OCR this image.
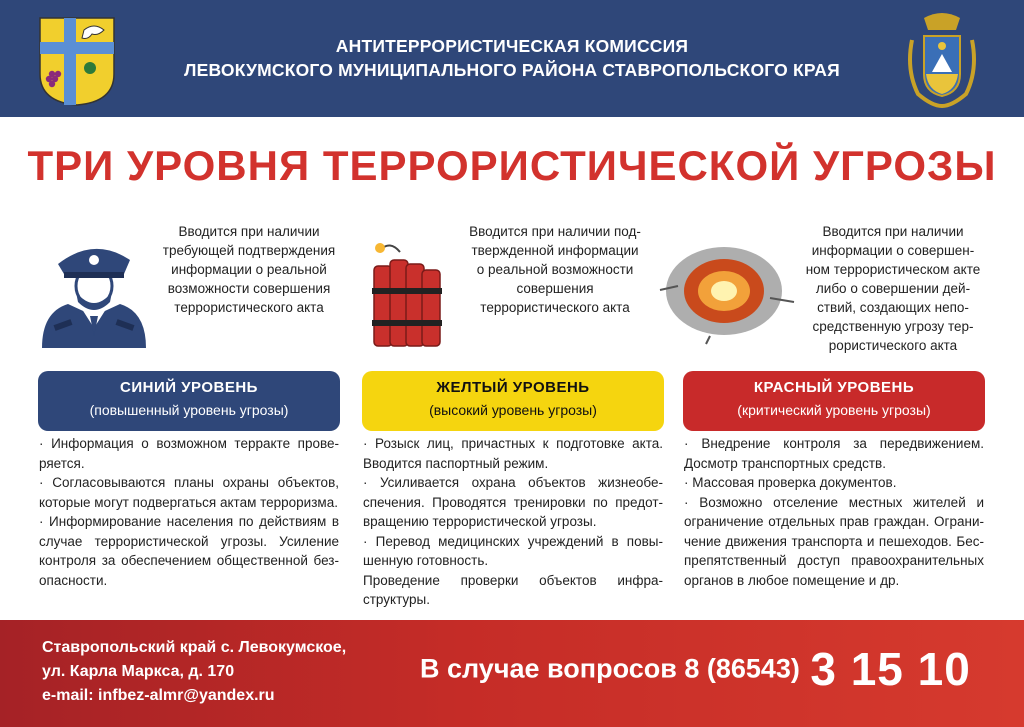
АНТИТЕРРОРИСТИЧЕСКАЯ КОМИССИЯ
ЛЕВОКУМСКОГО МУНИЦИПАЛЬНОГО РАЙОНА СТАВРОПОЛЬСКОГО КРАЯ
ТРИ УРОВНЯ ТЕРРОРИСТИЧЕСКОЙ УГРОЗЫ
Вводится при наличии
требующей подтверждения
информации о реальной
возможности совершения
террористического акта
Вводится при наличии под-
твержденной информации
о реальной возможности
совершения
террористического акта
Вводится при наличии
информации о совершен-
ном террористическом акте
либо о совершении дей-
ствий, создающих непо-
средственную угрозу тер-
рористического акта
СИНИЙ УРОВЕНЬ
(повышенный уровень угрозы)
ЖЕЛТЫЙ УРОВЕНЬ
(высокий уровень угрозы)
КРАСНЫЙ УРОВЕНЬ
(критический уровень угрозы)

· Информация о возможном терракте прове-ряется.

· Согласовываются планы охраны объектов, которые могут подвергаться актам терроризма.

· Информирование населения по действиям в случае террористической угрозы. Усиление контроля за обеспечением общественной без-опасности.

· Розыск лиц, причастных к подготовке акта. Вводится паспортный режим.

· Усиливается охрана объектов жизнеобе-спечения. Проводятся тренировки по предот-вращению террористической угрозы.

· Перевод медицинских учреждений в повы-шенную готовность.

Проведение проверки объектов инфра-структуры.

· Внедрение контроля за передвижением. Досмотр транспортных средств.

· Массовая проверка документов.

· Возможно отселение местных жителей и ограничение отдельных прав граждан. Ограни-чение движения транспорта и пешеходов. Бес-препятственный доступ правоохранительных органов в любое помещение и др.

Ставропольский край с. Левокумское,
ул. Карла Маркса, д. 170
e-mail: infbez-almr@yandex.ru
В случае вопросов 8 (86543) 3 15 10
